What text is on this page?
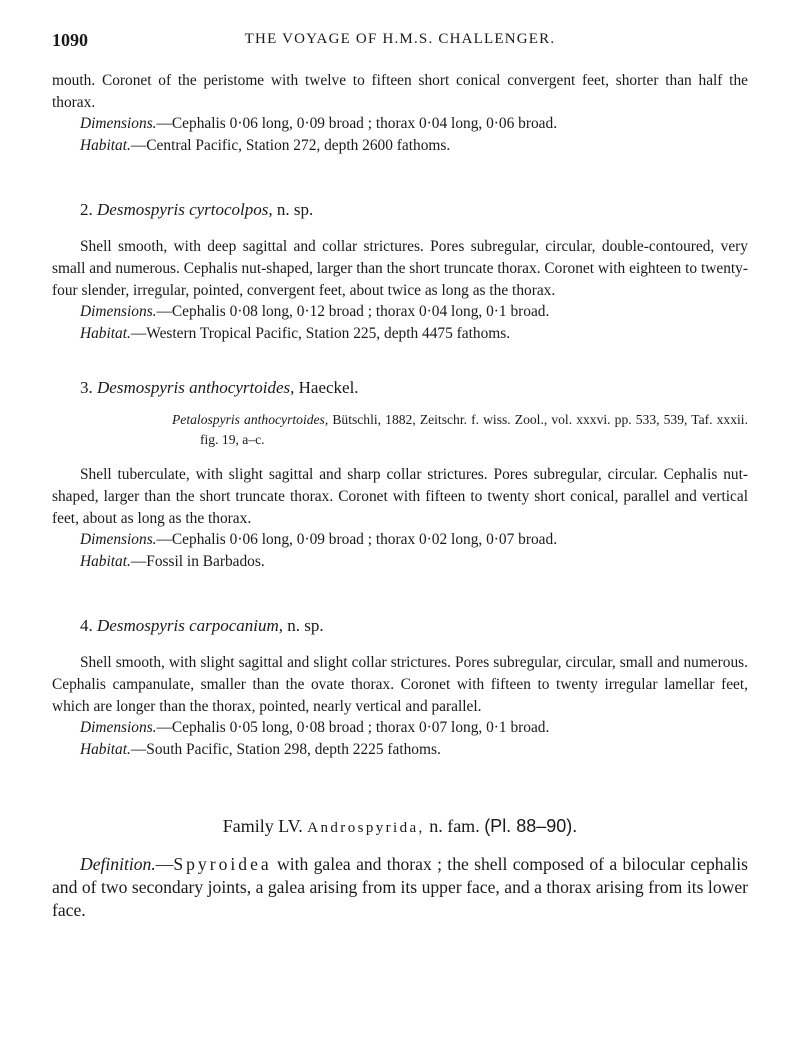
1090	THE VOYAGE OF H.M.S. CHALLENGER.

mouth. Coronet of the peristome with twelve to fifteen short conical convergent feet, shorter than half the thorax.

Dimensions.—Cephalis 0·06 long, 0·09 broad ; thorax 0·04 long, 0·06 broad.

Habitat.—Central Pacific, Station 272, depth 2600 fathoms.

2. Desmospyris cyrtocolpos, n. sp.

Shell smooth, with deep sagittal and collar strictures. Pores subregular, circular, double-contoured, very small and numerous. Cephalis nut-shaped, larger than the short truncate thorax. Coronet with eighteen to twenty-four slender, irregular, pointed, convergent feet, about twice as long as the thorax.

Dimensions.—Cephalis 0·08 long, 0·12 broad ; thorax 0·04 long, 0·1 broad.

Habitat.—Western Tropical Pacific, Station 225, depth 4475 fathoms.

3. Desmospyris anthocyrtoides, Haeckel.

Petalospyris anthocyrtoides, Bütschli, 1882, Zeitschr. f. wiss. Zool., vol. xxxvi. pp. 533, 539, Taf. xxxii. fig. 19, a–c.

Shell tuberculate, with slight sagittal and sharp collar strictures. Pores subregular, circular. Cephalis nut-shaped, larger than the short truncate thorax. Coronet with fifteen to twenty short conical, parallel and vertical feet, about as long as the thorax.

Dimensions.—Cephalis 0·06 long, 0·09 broad ; thorax 0·02 long, 0·07 broad.

Habitat.—Fossil in Barbados.

4. Desmospyris carpocanium, n. sp.

Shell smooth, with slight sagittal and slight collar strictures. Pores subregular, circular, small and numerous. Cephalis campanulate, smaller than the ovate thorax. Coronet with fifteen to twenty irregular lamellar feet, which are longer than the thorax, pointed, nearly vertical and parallel.

Dimensions.—Cephalis 0·05 long, 0·08 broad ; thorax 0·07 long, 0·1 broad.

Habitat.—South Pacific, Station 298, depth 2225 fathoms.

Family LV. Androspyrida, n. fam. (Pl. 88–90).

Definition.—Spyroidea with galea and thorax ; the shell composed of a bilocular cephalis and of two secondary joints, a galea arising from its upper face, and a thorax arising from its lower face.
